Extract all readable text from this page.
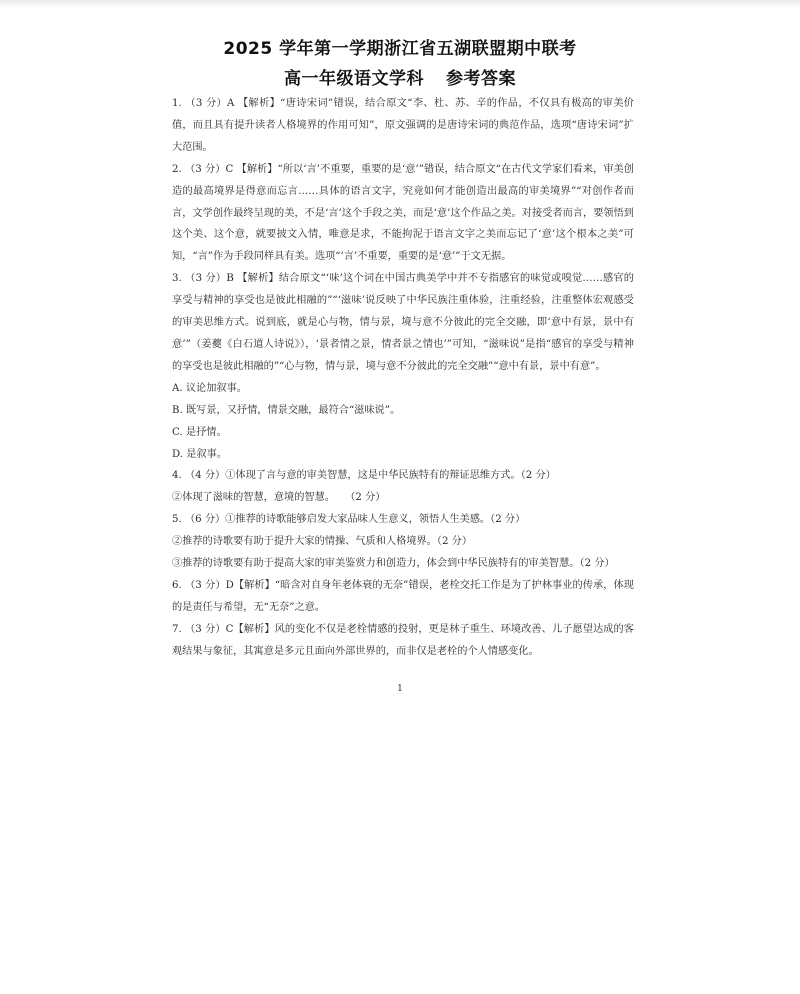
2025 学年第一学期浙江省五湖联盟期中联考
高一年级语文学科 参考答案

1. （3 分）A 【解析】“唐诗宋词”错误，结合原文“李、杜、苏、辛的作品，不仅具有极高的审美价值，而且具有提升读者人格境界的作用可知”，原文强调的是唐诗宋词的典范作品，选项“唐诗宋词”扩大范围。

2. （3 分）C 【解析】“所以‘言’不重要，重要的是‘意’”错误，结合原文“在古代文学家们看来，审美创造的最高境界是得意而忘言……具体的语言文字，究竟如何才能创造出最高的审美境界”“对创作者而言，文学创作最终呈现的美，不是‘言’这个手段之美，而是‘意’这个作品之美。对接受者而言，要领悟到这个美、这个意，就要披文入情，唯意是求，不能拘泥于语言文字之美而忘记了‘意’这个根本之美”可知，“言”作为手段同样具有美。选项“‘言’不重要，重要的是‘意’”于文无据。

3. （3 分）B 【解析】结合原文“‘味’这个词在中国古典美学中并不专指感官的味觉或嗅觉……感官的享受与精神的享受也是彼此相融的”“‘滋味’说反映了中华民族注重体验，注重经验，注重整体宏观感受的审美思维方式。说到底，就是心与物，情与景，境与意不分彼此的完全交融，即‘意中有景，景中有意’”（姜夔《白石道人诗说》），‘景者情之景，情者景之情也’”可知，“滋味说”是指“感官的享受与精神的享受也是彼此相融的”“心与物，情与景，境与意不分彼此的完全交融”“意中有景，景中有意”。

A. 议论加叙事。

B. 既写景，又抒情，情景交融，最符合“滋味说”。

C. 是抒情。

D. 是叙事。

4. （4 分）①体现了言与意的审美智慧，这是中华民族特有的辩证思维方式。（2 分）

②体现了滋味的智慧，意境的智慧。　　（2 分）

5. （6 分）①推荐的诗歌能够启发大家品味人生意义，领悟人生美感。（2 分）

②推荐的诗歌要有助于提升大家的情操、气质和人格境界。（2 分）

③推荐的诗歌要有助于提高大家的审美鉴赏力和创造力，体会到中华民族特有的审美智慧。（2 分）

6. （3 分）D【解析】“暗含对自身年老体衰的无奈”错误，老栓交托工作是为了护林事业的传承，体现的是责任与希望，无“无奈”之意。

7. （3 分）C【解析】风的变化不仅是老栓情感的投射，更是林子重生、环境改善、儿子愿望达成的客观结果与象征，其寓意是多元且面向外部世界的，而非仅是老栓的个人情感变化。

1
